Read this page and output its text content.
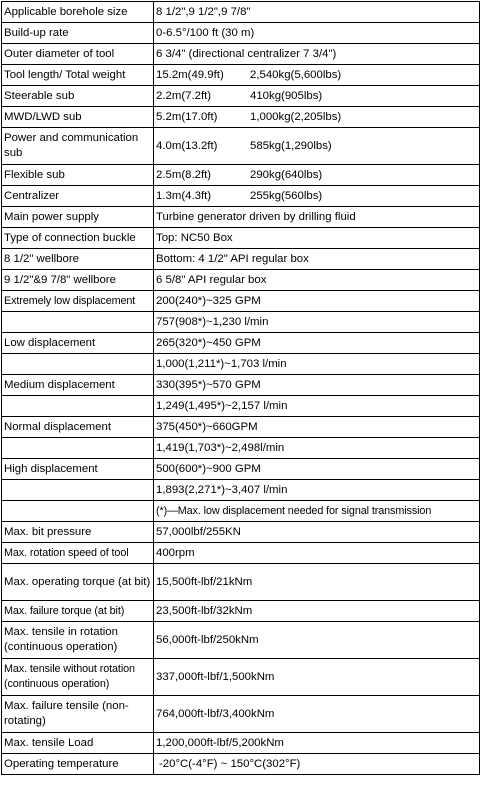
Applicable borehole size	8 1/2",9 1/2",9 7/8"
Build-up rate	0-6.5°/100 ft (30 m)
Outer diameter of tool	6 3/4" (directional centralizer 7 3/4")
Tool length/ Total weight	15.2m(49.9ft) 2,540kg(5,600lbs)
Steerable sub	2.2m(7.2ft) 410kg(905lbs)
MWD/LWD sub	5.2m(17.0ft) 1,000kg(2,205lbs)
Power and communication sub	4.0m(13.2ft) 585kg(1,290lbs)
Flexible sub	2.5m(8.2ft) 290kg(640lbs)
Centralizer	1.3m(4.3ft) 255kg(560lbs)
Main power supply	Turbine generator driven by drilling fluid
Type of connection buckle	Top: NC50 Box
8 1/2" wellbore	Bottom: 4 1/2" API regular box
9 1/2"&9 7/8" wellbore	6 5/8" API regular box
Extremely low displacement	200(240*)~325 GPM
	757(908*)~1,230 l/min
Low displacement	265(320*)~450 GPM
	1,000(1,211*)~1,703 l/min
Medium displacement	330(395*)~570 GPM
	1,249(1,495*)~2,157 l/min
Normal displacement	375(450*)~660GPM
	1,419(1,703*)~2,498l/min
High displacement	500(600*)~900 GPM
	1,893(2,271*)~3,407 l/min
	(*)—Max. low displacement needed for signal transmission
Max. bit pressure	57,000lbf/255KN
Max. rotation speed of tool	400rpm
Max. operating torque (at bit)	15,500ft-lbf/21kNm
Max. failure torque (at bit)	23,500ft-lbf/32kNm
Max. tensile in rotation (continuous operation)	56,000ft-lbf/250kNm
Max. tensile without rotation (continuous operation)	337,000ft-lbf/1,500kNm
Max. failure tensile (non-rotating)	764,000ft-lbf/3,400kNm
Max. tensile Load	1,200,000ft-lbf/5,200kNm
Operating temperature	-20°C(-4°F) ~ 150°C(302°F)
